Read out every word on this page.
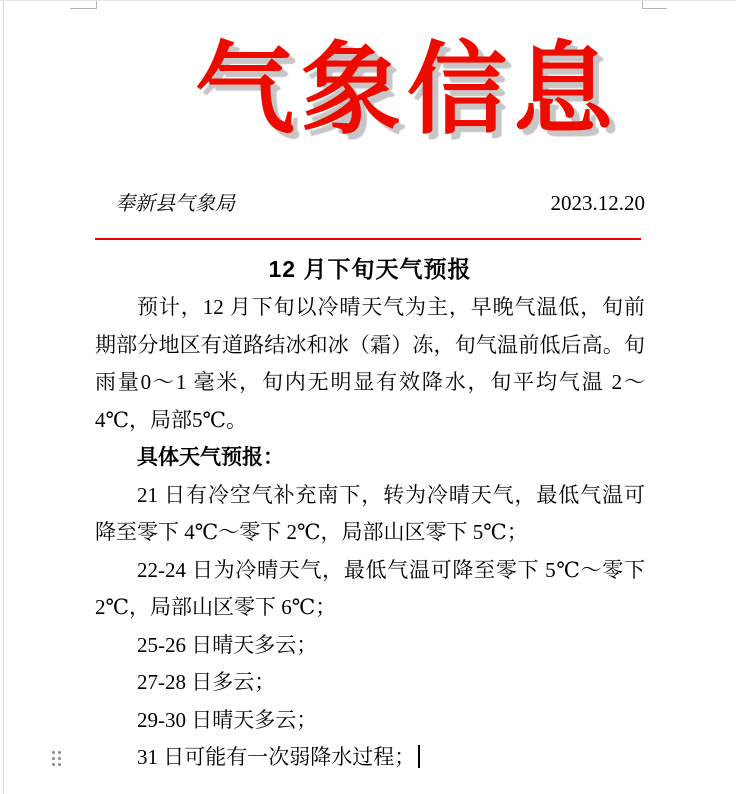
气象信息
奉新县气象局	2023.12.20
12 月下旬天气预报

预计，12 月下旬以冷晴天气为主，早晚气温低，旬前期部分地区有道路结冰和冰（霜）冻，旬气温前低后高。旬雨量0～1 毫米，旬内无明显有效降水，旬平均气温 2～4℃，局部5℃。

具体天气预报：

21 日有冷空气补充南下，转为冷晴天气，最低气温可降至零下 4℃～零下 2℃，局部山区零下 5℃；

22-24 日为冷晴天气，最低气温可降至零下 5℃～零下2℃，局部山区零下 6℃；

25-26 日晴天多云；

27-28 日多云；

29-30 日晴天多云；

31 日可能有一次弱降水过程；
